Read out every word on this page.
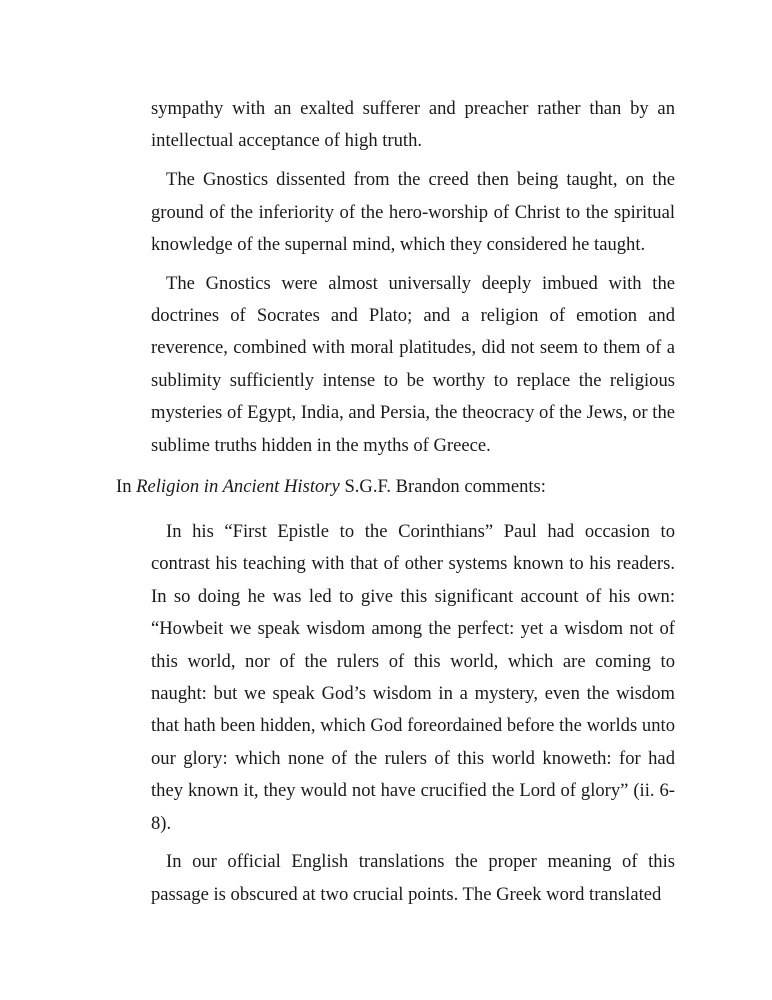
sympathy with an exalted sufferer and preacher rather than by an intellectual acceptance of high truth.

The Gnostics dissented from the creed then being taught, on the ground of the inferiority of the hero-worship of Christ to the spiritual knowledge of the supernal mind, which they considered he taught.

The Gnostics were almost universally deeply imbued with the doctrines of Socrates and Plato; and a religion of emotion and reverence, combined with moral platitudes, did not seem to them of a sublimity sufficiently intense to be worthy to replace the religious mysteries of Egypt, India, and Persia, the theocracy of the Jews, or the sublime truths hidden in the myths of Greece.

In Religion in Ancient History S.G.F. Brandon comments:

In his “First Epistle to the Corinthians” Paul had occasion to contrast his teaching with that of other systems known to his readers. In so doing he was led to give this significant account of his own: “Howbeit we speak wisdom among the perfect: yet a wisdom not of this world, nor of the rulers of this world, which are coming to naught: but we speak God’s wisdom in a mystery, even the wisdom that hath been hidden, which God foreordained before the worlds unto our glory: which none of the rulers of this world knoweth: for had they known it, they would not have crucified the Lord of glory” (ii. 6-8).

In our official English translations the proper meaning of this passage is obscured at two crucial points. The Greek word translated
